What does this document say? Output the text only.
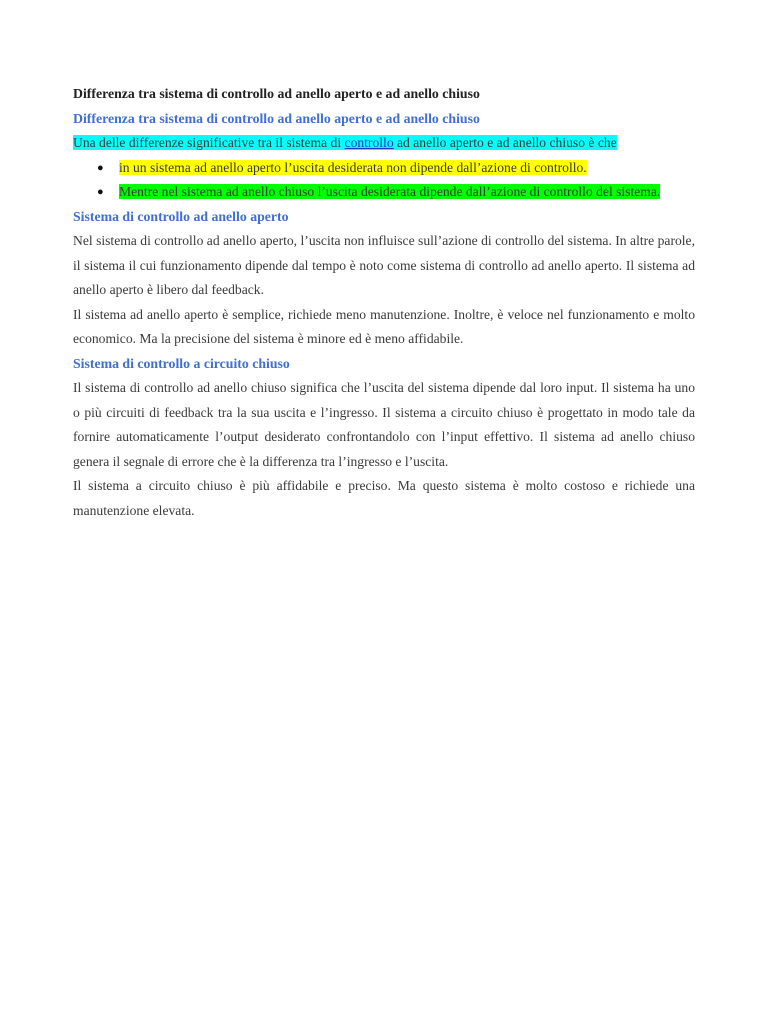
Differenza tra sistema di controllo ad anello aperto e ad anello chiuso
Differenza tra sistema di controllo ad anello aperto e ad anello chiuso
Una delle differenze significative tra il sistema di controllo ad anello aperto e ad anello chiuso è che
● in un sistema ad anello aperto l’uscita desiderata non dipende dall’azione di controllo.
● Mentre nel sistema ad anello chiuso l’uscita desiderata dipende dall’azione di controllo del sistema.
Sistema di controllo ad anello aperto

Nel sistema di controllo ad anello aperto, l’uscita non influisce sull’azione di controllo del sistema. In altre parole, il sistema il cui funzionamento dipende dal tempo è noto come sistema di controllo ad anello aperto. Il sistema ad anello aperto è libero dal feedback.

Il sistema ad anello aperto è semplice, richiede meno manutenzione. Inoltre, è veloce nel funzionamento e molto economico. Ma la precisione del sistema è minore ed è meno affidabile.

Sistema di controllo a circuito chiuso

Il sistema di controllo ad anello chiuso significa che l’uscita del sistema dipende dal loro input. Il sistema ha uno o più circuiti di feedback tra la sua uscita e l’ingresso. Il sistema a circuito chiuso è progettato in modo tale da fornire automaticamente l’output desiderato confrontandolo con l’input effettivo. Il sistema ad anello chiuso genera il segnale di errore che è la differenza tra l’ingresso e l’uscita.

Il sistema a circuito chiuso è più affidabile e preciso. Ma questo sistema è molto costoso e richiede una manutenzione elevata.
